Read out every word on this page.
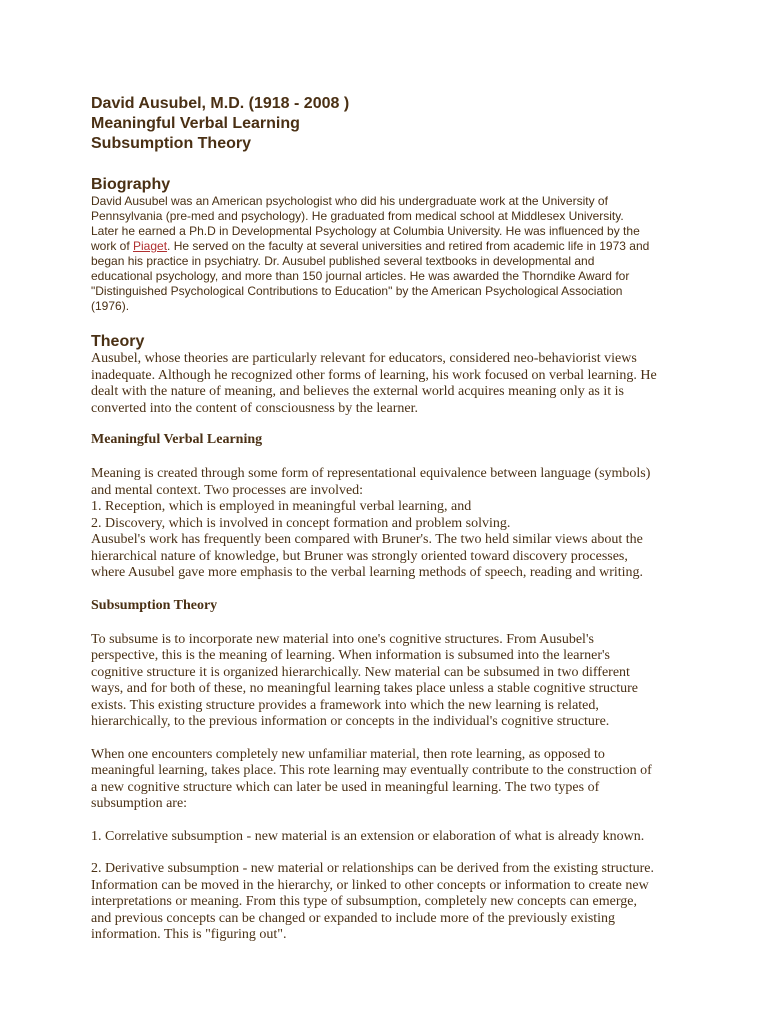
David Ausubel, M.D. (1918 - 2008 )
Meaningful Verbal Learning
Subsumption Theory
Biography
David Ausubel was an American psychologist who did his undergraduate work at the University of
Pennsylvania (pre-med and psychology). He graduated from medical school at Middlesex University.
Later he earned a Ph.D in Developmental Psychology at Columbia University. He was influenced by the
work of Piaget. He served on the faculty at several universities and retired from academic life in 1973 and
began his practice in psychiatry. Dr. Ausubel published several textbooks in developmental and
educational psychology, and more than 150 journal articles. He was awarded the Thorndike Award for
"Distinguished Psychological Contributions to Education" by the American Psychological Association
(1976).
Theory
Ausubel, whose theories are particularly relevant for educators, considered neo-behaviorist views
inadequate. Although he recognized other forms of learning, his work focused on verbal learning. He
dealt with the nature of meaning, and believes the external world acquires meaning only as it is
converted into the content of consciousness by the learner.
Meaningful Verbal Learning
Meaning is created through some form of representational equivalence between language (symbols)
and mental context. Two processes are involved:
1. Reception, which is employed in meaningful verbal learning, and
2. Discovery, which is involved in concept formation and problem solving.
Ausubel's work has frequently been compared with Bruner's. The two held similar views about the
hierarchical nature of knowledge, but Bruner was strongly oriented toward discovery processes,
where Ausubel gave more emphasis to the verbal learning methods of speech, reading and writing.
Subsumption Theory
To subsume is to incorporate new material into one's cognitive structures. From Ausubel's
perspective, this is the meaning of learning. When information is subsumed into the learner's
cognitive structure it is organized hierarchically. New material can be subsumed in two different
ways, and for both of these, no meaningful learning takes place unless a stable cognitive structure
exists. This existing structure provides a framework into which the new learning is related,
hierarchically, to the previous information or concepts in the individual's cognitive structure.
When one encounters completely new unfamiliar material, then rote learning, as opposed to
meaningful learning, takes place. This rote learning may eventually contribute to the construction of
a new cognitive structure which can later be used in meaningful learning. The two types of
subsumption are:
1. Correlative subsumption - new material is an extension or elaboration of what is already known.
2. Derivative subsumption - new material or relationships can be derived from the existing structure.
Information can be moved in the hierarchy, or linked to other concepts or information to create new
interpretations or meaning. From this type of subsumption, completely new concepts can emerge,
and previous concepts can be changed or expanded to include more of the previously existing
information. This is "figuring out".
